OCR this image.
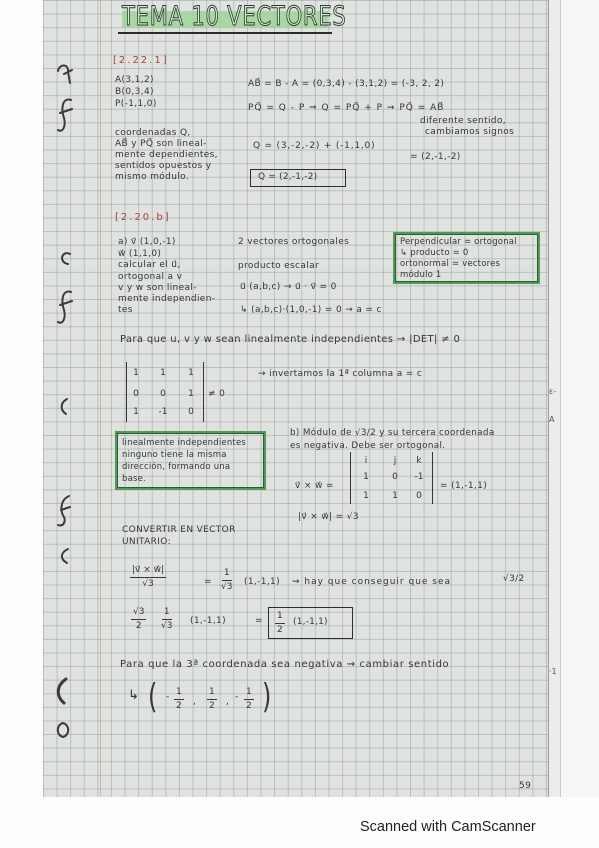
TEMA 10 VECTORES
[2.22.1]
A(3,1,2)
B(0,3,4)
P(-1,1,0)
AB⃗ = B - A = (0,3,4) - (3,1,2) = (-3, 2, 2)
PQ⃗ = Q - P ⇒ Q = PQ⃗ + P ⇝ PQ⃗ = AB⃗
diferente sentido,
cambiamos signos
coordenadas Q,
AB⃗ y PQ⃗ son lineal-
mente dependientes,
sentidos opuestos y
mismo módulo.
Q = (3,-2,-2) + (-1,1,0)
= (2,-1,-2)
Q = (2,-1,-2)
[2.20.b]
a) v⃗ (1,0,-1)
w⃗ (1,1,0)
calcular el u⃗,
ortogonal a v
v y w son lineal-
mente independien-
tes
2 vectores ortogonales
producto escalar
u⃗ (a,b,c) → u⃗ · v⃗ = 0
↳ (a,b,c)·(1,0,-1) = 0 → a = c
Perpendicular = ortogonal
↳ producto = 0
ortonormal = vectores
módulo 1
Para que u, v y w sean linealmente independientes → |DET| ≠ 0
1	1	1
0	0	1
1	-1	0
≠ 0
→ invertamos la 1ª columna a = c
linealmente independientes
ninguno tiene la misma
dirección, formando una
base.
b) Módulo de √3/2 y su tercera coordenada
es negativa. Debe ser ortogonal.
v⃗ × w⃗ =
i	j	k
1	0	-1
1	1	0
= (1,-1,1)
|v⃗ × w⃗| = √3
CONVERTIR EN VECTOR
UNITARIO:
$\frac{|v⃗ \times w⃗|}{√3}$	= $\frac{1}{√3} (1,-1,1)$ ⇝ hay que conseguir que sea	√3/2
$\frac{√3}{2} \frac{1}{√3} (1,-1,1)$	= $\frac{1}{2} (1,-1,1)$
Para que la 3ª coordenada sea negativa ⇝ cambiar sentido
↳ ( - $\frac{1}{2}$ , $\frac{1}{2}$ , - $\frac{1}{2}$ )
59
ε-
A
·1
Scanned with CamScanner
